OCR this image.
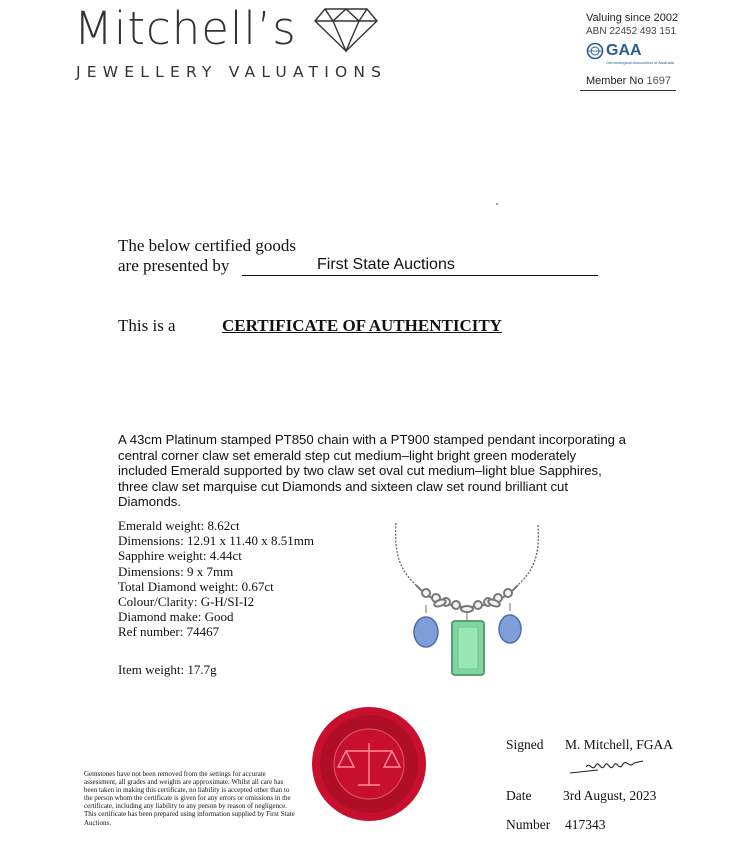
Mitchell’s
JEWELLERY VALUATIONS
Valuing since 2002
ABN 22452 493 151
GAA
Gemmological Association of Australia
Member No 1697
The below certified goods
are presented by	First State Auctions
This is a	CERTIFICATE OF AUTHENTICITY
A 43cm Platinum stamped PT850 chain with a PT900 stamped pendant incorporating a central corner claw set emerald step cut medium–light bright green moderately included Emerald supported by two claw set oval cut medium–light blue Sapphires, three claw set marquise cut Diamonds and sixteen claw set round brilliant cut Diamonds.
Emerald weight: 8.62ct
Dimensions: 12.91 x 11.40 x 8.51mm
Sapphire weight: 4.44ct
Dimensions: 9 x 7mm
Total Diamond weight: 0.67ct
Colour/Clarity: G-H/SI-I2
Diamond make: Good
Ref number: 74467
Item weight: 17.7g
Signed M. Mitchell, FGAA
Date 3rd August, 2023
Number 417343
Gemstones have not been removed from the settings for accurate assessment, all grades and weights are approximate. Whilst all care has been taken in making this certificate, no liability is accepted other than to the person whom the certificate is given for any errors or omissions in the certificate, including any liability to any person by reason of negligence. This certificate has been prepared using information supplied by First State Auctions.
